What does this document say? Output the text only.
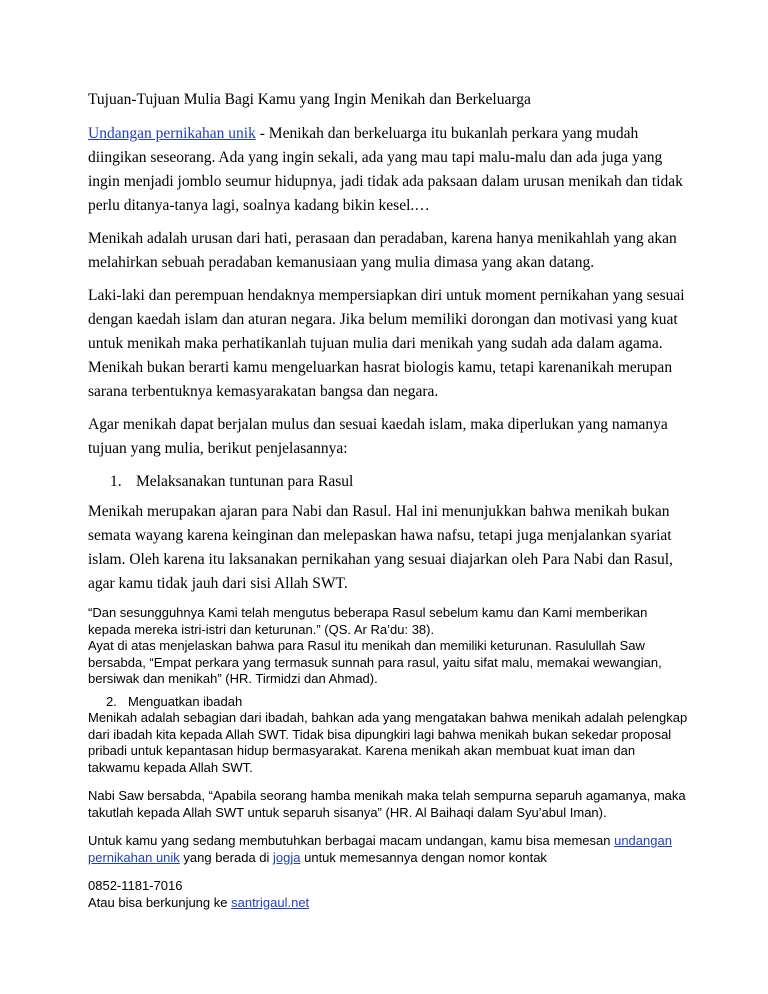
Tujuan-Tujuan Mulia Bagi Kamu yang Ingin Menikah dan Berkeluarga

Undangan pernikahan unik - Menikah dan berkeluarga itu bukanlah perkara yang mudah diingikan seseorang. Ada yang ingin sekali, ada yang mau tapi malu-malu dan ada juga yang ingin menjadi jomblo seumur hidupnya, jadi tidak ada paksaan dalam urusan menikah dan tidak perlu ditanya-tanya lagi, soalnya kadang bikin kesel.…

Menikah adalah urusan dari hati, perasaan dan peradaban, karena hanya menikahlah yang akan melahirkan sebuah peradaban kemanusiaan yang mulia dimasa yang akan datang.

Laki-laki dan perempuan hendaknya mempersiapkan diri untuk moment pernikahan yang sesuai dengan kaedah islam dan aturan negara. Jika belum memiliki dorongan dan motivasi yang kuat untuk menikah maka perhatikanlah tujuan mulia dari menikah yang sudah ada dalam agama. Menikah bukan berarti kamu mengeluarkan hasrat biologis kamu, tetapi karenanikah merupan sarana terbentuknya kemasyarakatan bangsa dan negara.

Agar menikah dapat berjalan mulus dan sesuai kaedah islam, maka diperlukan yang namanya tujuan yang mulia, berikut penjelasannya:

1. Melaksanakan tuntunan para Rasul

Menikah merupakan ajaran para Nabi dan Rasul. Hal ini menunjukkan bahwa menikah bukan semata wayang karena keinginan dan melepaskan hawa nafsu, tetapi juga menjalankan syariat islam. Oleh karena itu laksanakan pernikahan yang sesuai diajarkan oleh Para Nabi dan Rasul, agar kamu tidak jauh dari sisi Allah SWT.

“Dan sesungguhnya Kami telah mengutus beberapa Rasul sebelum kamu dan Kami memberikan kepada mereka istri-istri dan keturunan.” (QS. Ar Ra’du: 38).

Ayat di atas menjelaskan bahwa para Rasul itu menikah dan memiliki keturunan. Rasulullah Saw bersabda, “Empat perkara yang termasuk sunnah para rasul, yaitu sifat malu, memakai wewangian, bersiwak dan menikah” (HR. Tirmidzi dan Ahmad).

2. Menguatkan ibadah

Menikah adalah sebagian dari ibadah, bahkan ada yang mengatakan bahwa menikah adalah pelengkap dari ibadah kita kepada Allah SWT. Tidak bisa dipungkiri lagi bahwa menikah bukan sekedar proposal pribadi untuk kepantasan hidup bermasyarakat. Karena menikah akan membuat kuat iman dan takwamu kepada Allah SWT.

Nabi Saw bersabda, “Apabila seorang hamba menikah maka telah sempurna separuh agamanya, maka takutlah kepada Allah SWT untuk separuh sisanya” (HR. Al Baihaqi dalam Syu’abul Iman).

Untuk kamu yang sedang membutuhkan berbagai macam undangan, kamu bisa memesan undangan pernikahan unik yang berada di jogja untuk memesannya dengan nomor kontak

0852-1181-7016

Atau bisa berkunjung ke santrigaul.net
